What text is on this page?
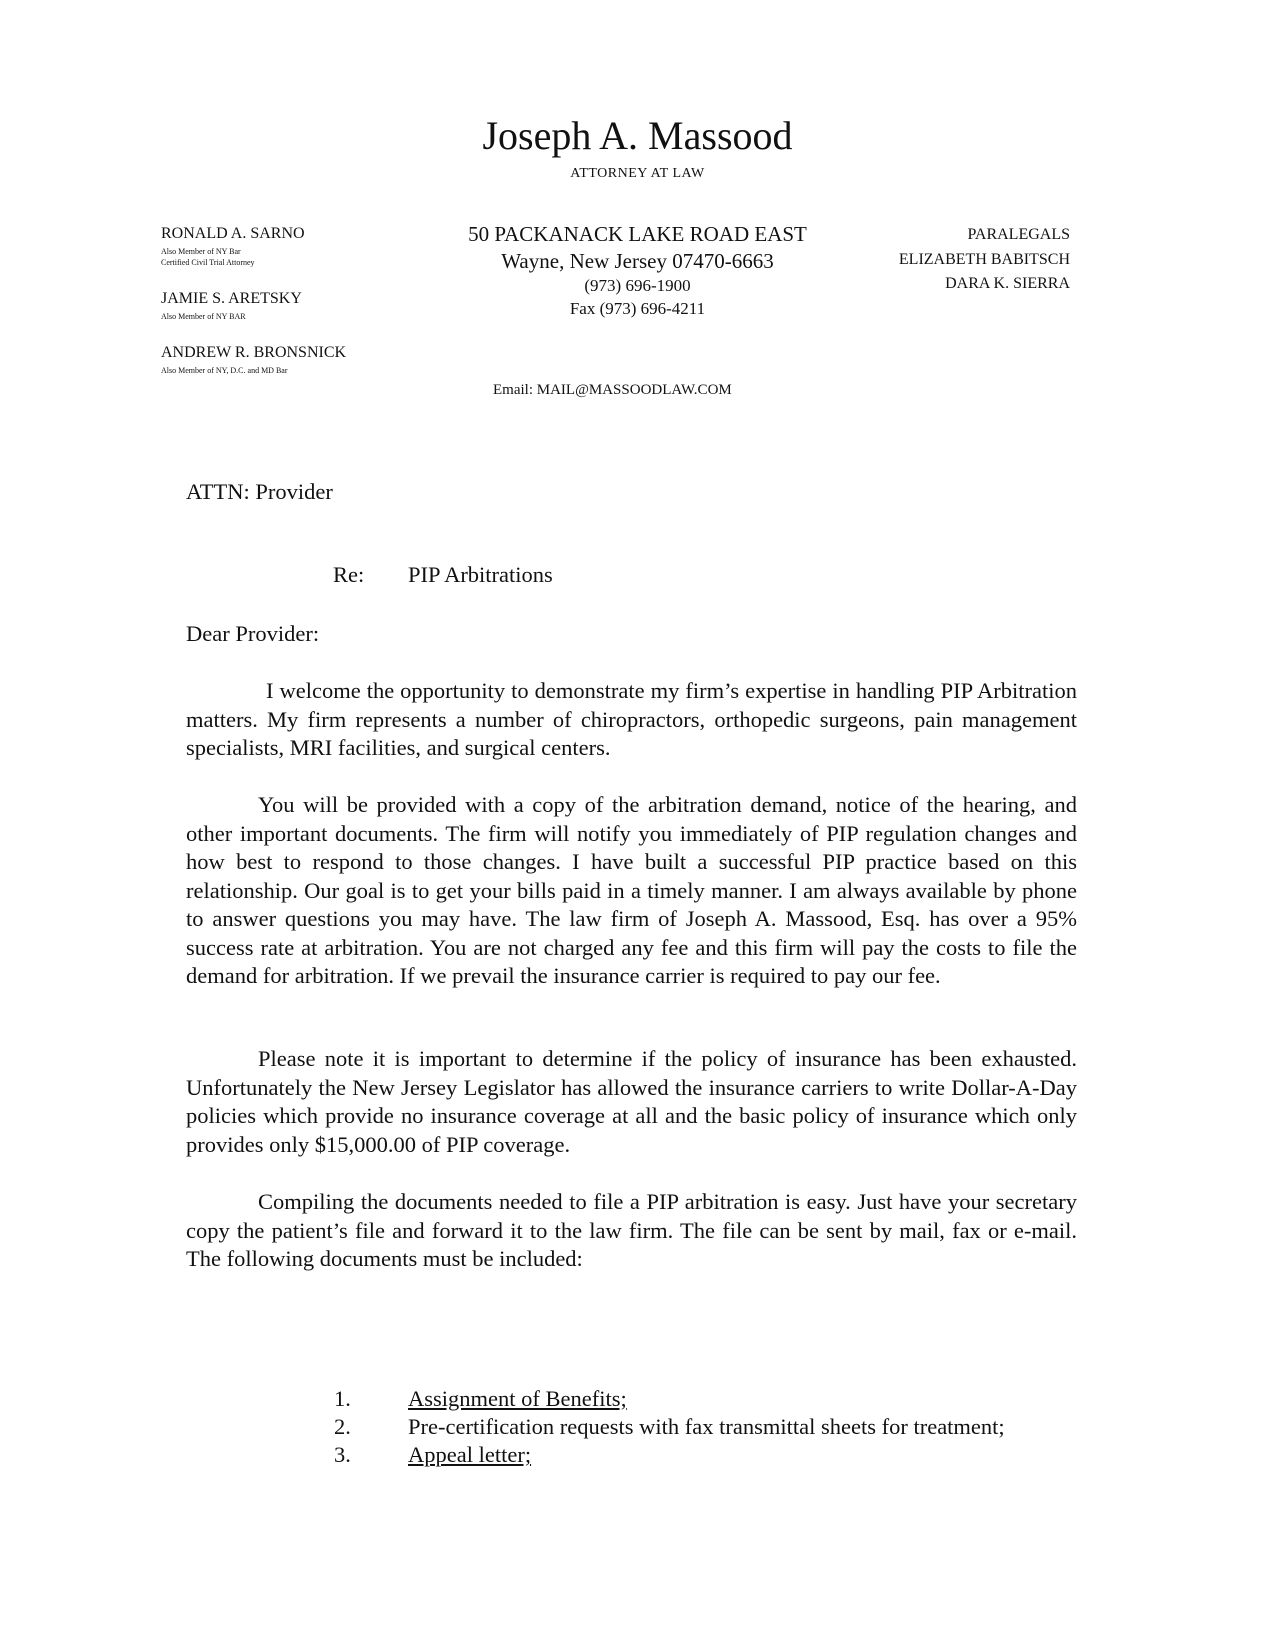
Joseph A. Massood
ATTORNEY AT LAW
RONALD A. SARNO
Also Member of NY Bar
Certified Civil Trial Attorney
JAMIE S. ARETSKY
Also Member of NY BAR
ANDREW R. BRONSNICK
Also Member of NY, D.C. and MD Bar
50 PACKANACK LAKE ROAD EAST
Wayne, New Jersey 07470-6663
(973) 696-1900
Fax (973) 696-4211
PARALEGALS
ELIZABETH BABITSCH
DARA K. SIERRA
Email: MAIL@MASSOODLAW.COM
ATTN: Provider
Re: PIP Arbitrations
Dear Provider:
I welcome the opportunity to demonstrate my firm’s expertise in handling PIP Arbitration matters. My firm represents a number of chiropractors, orthopedic surgeons, pain management specialists, MRI facilities, and surgical centers.
You will be provided with a copy of the arbitration demand, notice of the hearing, and other important documents. The firm will notify you immediately of PIP regulation changes and how best to respond to those changes. I have built a successful PIP practice based on this relationship. Our goal is to get your bills paid in a timely manner. I am always available by phone to answer questions you may have. The law firm of Joseph A. Massood, Esq. has over a 95% success rate at arbitration. You are not charged any fee and this firm will pay the costs to file the demand for arbitration. If we prevail the insurance carrier is required to pay our fee.
Please note it is important to determine if the policy of insurance has been exhausted. Unfortunately the New Jersey Legislator has allowed the insurance carriers to write Dollar-A-Day policies which provide no insurance coverage at all and the basic policy of insurance which only provides only $15,000.00 of PIP coverage.
Compiling the documents needed to file a PIP arbitration is easy. Just have your secretary copy the patient’s file and forward it to the law firm. The file can be sent by mail, fax or e-mail. The following documents must be included:
1.	Assignment of Benefits;
2.	Pre-certification requests with fax transmittal sheets for treatment;
3.	Appeal letter;
